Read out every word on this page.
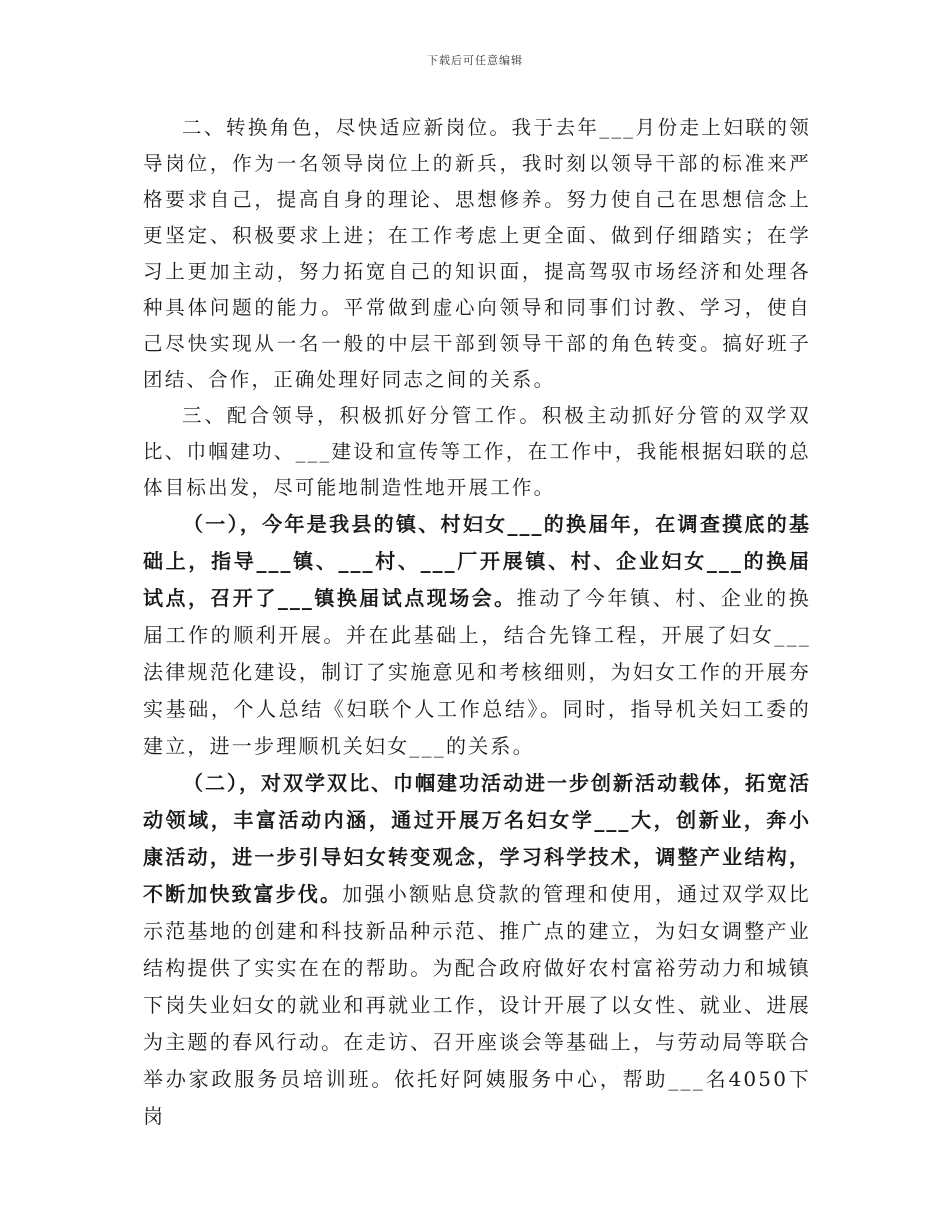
下载后可任意编辑

二、转换角色，尽快适应新岗位。我于去年___月份走上妇联的领导岗位，作为一名领导岗位上的新兵，我时刻以领导干部的标准来严格要求自己，提高自身的理论、思想修养。努力使自己在思想信念上更坚定、积极要求上进；在工作考虑上更全面、做到仔细踏实；在学习上更加主动，努力拓宽自己的知识面，提高驾驭市场经济和处理各种具体问题的能力。平常做到虚心向领导和同事们讨教、学习，使自己尽快实现从一名一般的中层干部到领导干部的角色转变。搞好班子团结、合作，正确处理好同志之间的关系。

三、配合领导，积极抓好分管工作。积极主动抓好分管的双学双比、巾帼建功、___建设和宣传等工作，在工作中，我能根据妇联的总体目标出发，尽可能地制造性地开展工作。

（一），今年是我县的镇、村妇女___的换届年，在调查摸底的基础上，指导___镇、___村、___厂开展镇、村、企业妇女___的换届试点，召开了___镇换届试点现场会。推动了今年镇、村、企业的换届工作的顺利开展。并在此基础上，结合先锋工程，开展了妇女___法律规范化建设，制订了实施意见和考核细则，为妇女工作的开展夯实基础，个人总结《妇联个人工作总结》。同时，指导机关妇工委的建立，进一步理顺机关妇女___的关系。

（二），对双学双比、巾帼建功活动进一步创新活动载体，拓宽活动领域，丰富活动内涵，通过开展万名妇女学___大，创新业，奔小康活动，进一步引导妇女转变观念，学习科学技术，调整产业结构，不断加快致富步伐。加强小额贴息贷款的管理和使用，通过双学双比示范基地的创建和科技新品种示范、推广点的建立，为妇女调整产业结构提供了实实在在的帮助。为配合政府做好农村富裕劳动力和城镇下岗失业妇女的就业和再就业工作，设计开展了以女性、就业、进展为主题的春风行动。在走访、召开座谈会等基础上，与劳动局等联合举办家政服务员培训班。依托好阿姨服务中心，帮助___名4050下岗
